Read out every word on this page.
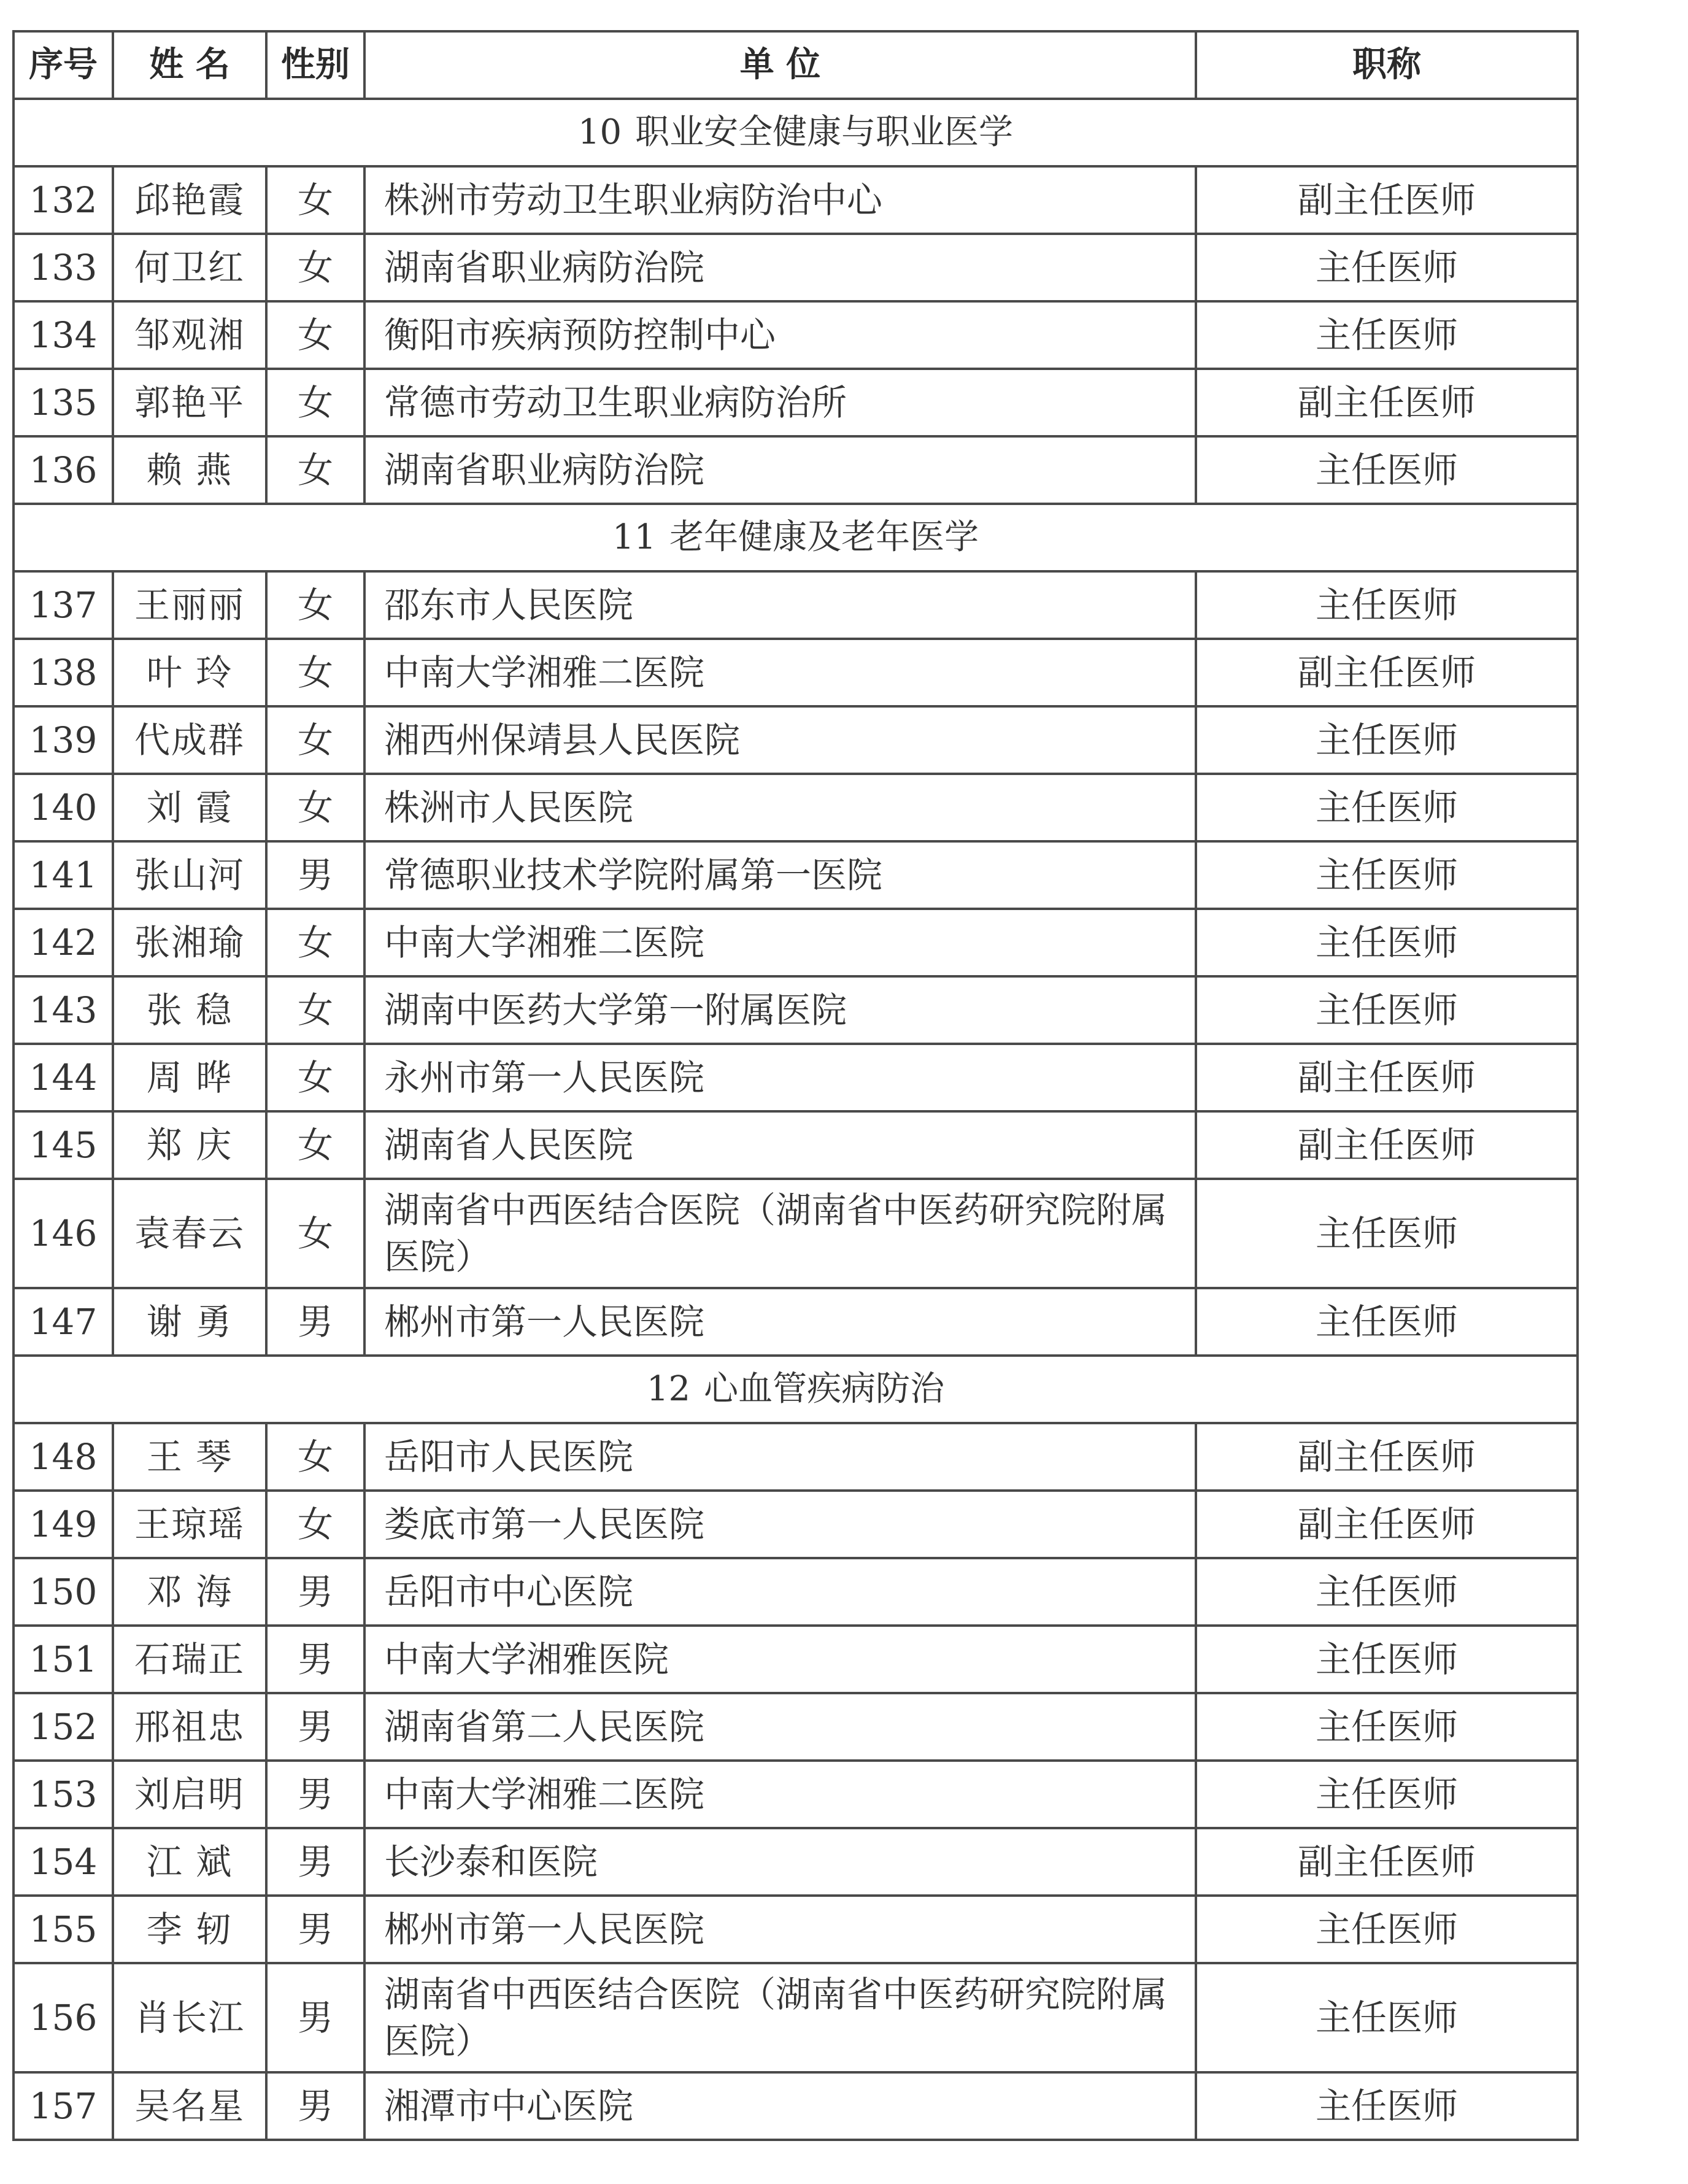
序号	姓 名	性别	单 位	职称
10 职业安全健康与职业医学				
132	邱艳霞	女	株洲市劳动卫生职业病防治中心	副主任医师
133	何卫红	女	湖南省职业病防治院	主任医师
134	邹观湘	女	衡阳市疾病预防控制中心	主任医师
135	郭艳平	女	常德市劳动卫生职业病防治所	副主任医师
136	赖 燕	女	湖南省职业病防治院	主任医师
11 老年健康及老年医学				
137	王丽丽	女	邵东市人民医院	主任医师
138	叶 玲	女	中南大学湘雅二医院	副主任医师
139	代成群	女	湘西州保靖县人民医院	主任医师
140	刘 霞	女	株洲市人民医院	主任医师
141	张山河	男	常德职业技术学院附属第一医院	主任医师
142	张湘瑜	女	中南大学湘雅二医院	主任医师
143	张 稳	女	湖南中医药大学第一附属医院	主任医师
144	周 晔	女	永州市第一人民医院	副主任医师
145	郑 庆	女	湖南省人民医院	副主任医师
146	袁春云	女	湖南省中西医结合医院（湖南省中医药研究院附属医院）	主任医师
147	谢 勇	男	郴州市第一人民医院	主任医师
12 心血管疾病防治				
148	王 琴	女	岳阳市人民医院	副主任医师
149	王琼瑶	女	娄底市第一人民医院	副主任医师
150	邓 海	男	岳阳市中心医院	主任医师
151	石瑞正	男	中南大学湘雅医院	主任医师
152	邢祖忠	男	湖南省第二人民医院	主任医师
153	刘启明	男	中南大学湘雅二医院	主任医师
154	江 斌	男	长沙泰和医院	副主任医师
155	李 轫	男	郴州市第一人民医院	主任医师
156	肖长江	男	湖南省中西医结合医院（湖南省中医药研究院附属医院）	主任医师
157	吴名星	男	湘潭市中心医院	主任医师
